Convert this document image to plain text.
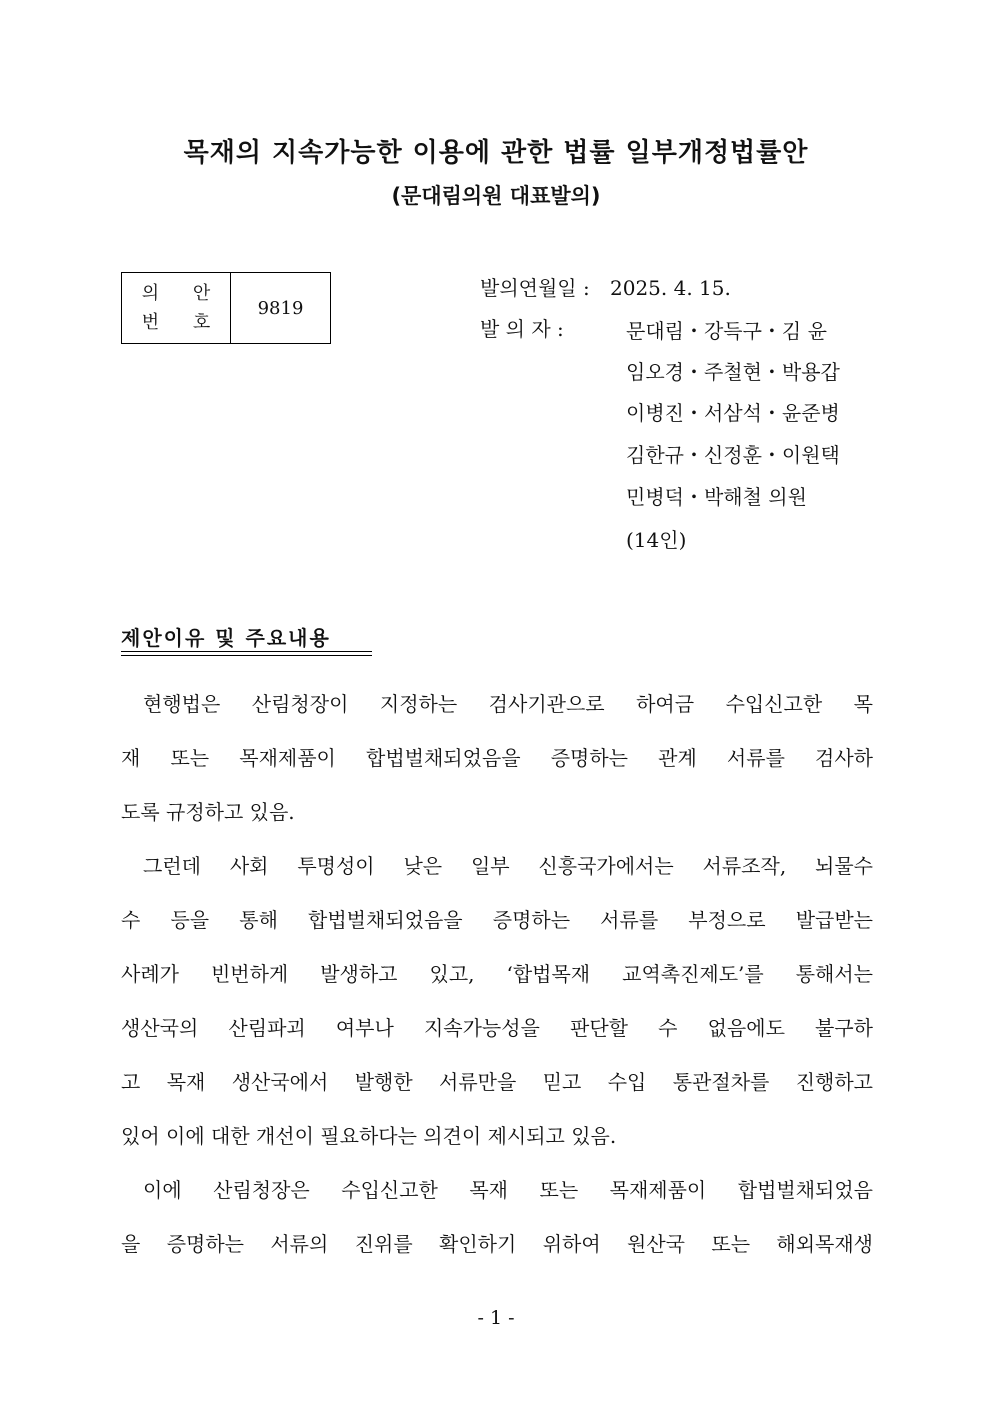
목재의 지속가능한 이용에 관한 법률 일부개정법률안
(문대림의원 대표발의)
의 안
번 호
	9819
발의연월일 : 2025. 4. 15.
발 의 자 :	문대림・강득구・김 윤
임오경・주철현・박용갑
이병진・서삼석・윤준병
김한규・신정훈・이원택
민병덕・박해철 의원
(14인)
제안이유 및 주요내용
현행법은 산림청장이 지정하는 검사기관으로 하여금 수입신고한 목
재 또는 목재제품이 합법벌채되었음을 증명하는 관계 서류를 검사하
도록 규정하고 있음.
그런데 사회 투명성이 낮은 일부 신흥국가에서는 서류조작, 뇌물수
수 등을 통해 합법벌채되었음을 증명하는 서류를 부정으로 발급받는
사례가 빈번하게 발생하고 있고, ‘합법목재 교역촉진제도’를 통해서는
생산국의 산림파괴 여부나 지속가능성을 판단할 수 없음에도 불구하
고 목재 생산국에서 발행한 서류만을 믿고 수입 통관절차를 진행하고
있어 이에 대한 개선이 필요하다는 의견이 제시되고 있음.
이에 산림청장은 수입신고한 목재 또는 목재제품이 합법벌채되었음
을 증명하는 서류의 진위를 확인하기 위하여 원산국 또는 해외목재생
- 1 -
